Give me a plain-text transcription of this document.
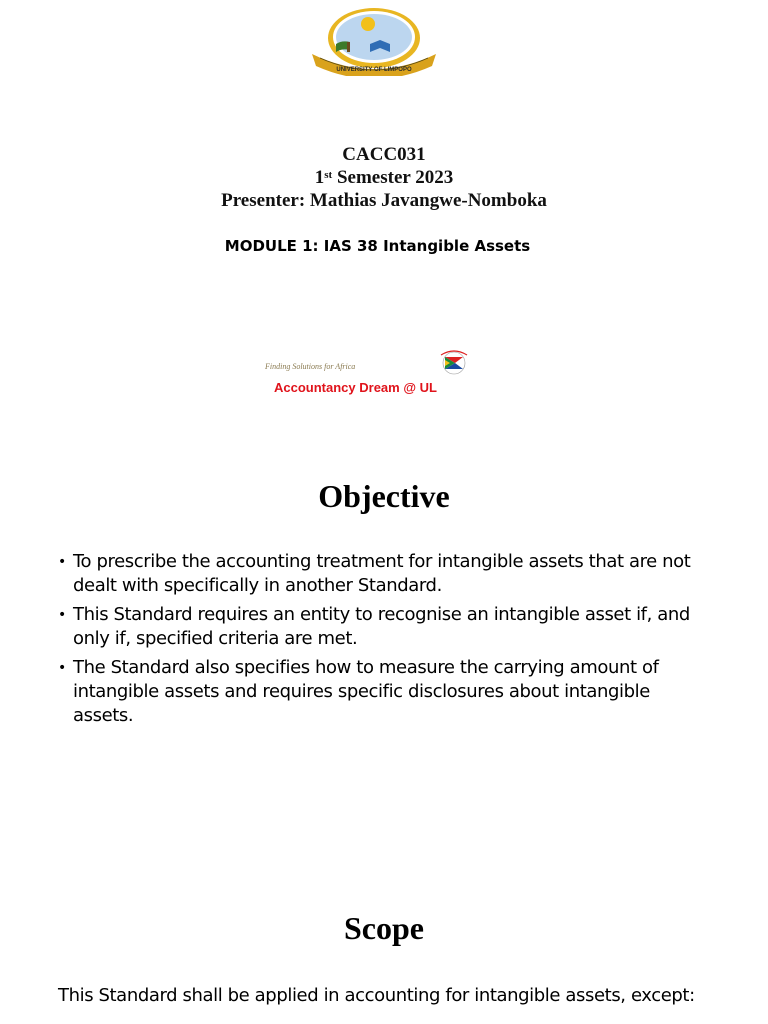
UNIVERSITY OF LIMPOPO
CACC031
1st Semester 2023
Presenter: Mathias Javangwe-Nomboka
MODULE 1: IAS 38 Intangible Assets
Finding Solutions for Africa
Accountancy Dream @ UL
Objective
• To prescribe the accounting treatment for intangible assets that are not dealt with specifically in another Standard.
• This Standard requires an entity to recognise an intangible asset if, and only if, specified criteria are met.
• The Standard also specifies how to measure the carrying amount of intangible assets and requires specific disclosures about intangible assets.
Scope

This Standard shall be applied in accounting for intangible assets, except:
